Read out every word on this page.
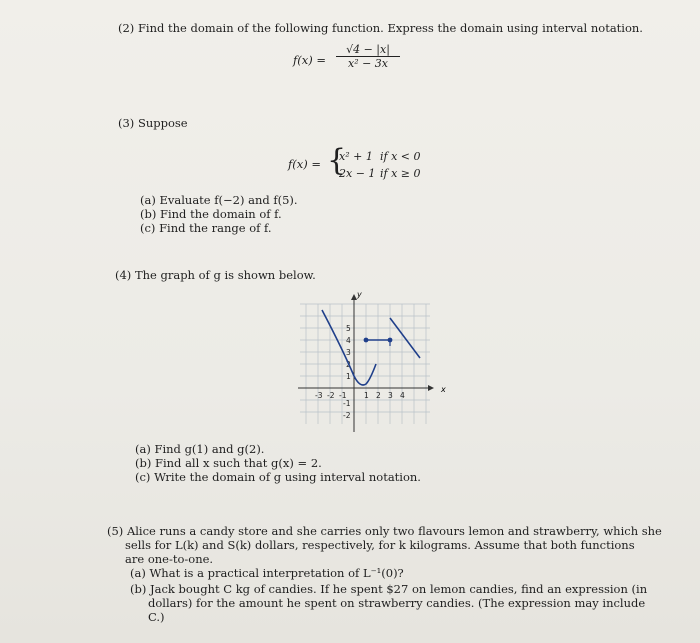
(2) Find the domain of the following function. Express the domain using interval notation.
$f(x) = \frac{√4 - |x|}{\text{x² − 3x}}$
(3) Suppose
f(x) = {
x² + 1 if x < 0
2x − 1 if x ≥ 0
(a) Evaluate f(−2) and f(5).
(b) Find the domain of f.
(c) Find the range of f.
(4) The graph of g is shown below.
x
y
-3 -2 -1 1 2 3 4
5
4
3
2
1
-1
-2
(a) Find g(1) and g(2).
(b) Find all x such that g(x) = 2.
(c) Write the domain of g using interval notation.
(5) Alice runs a candy store and she carries only two flavours lemon and strawberry, which she
sells for L(k) and S(k) dollars, respectively, for k kilograms. Assume that both functions
are one-to-one.
(a) What is a practical interpretation of L⁻¹(0)?
(b) Jack bought C kg of candies. If he spent $27 on lemon candies, find an expression (in
dollars) for the amount he spent on strawberry candies. (The expression may include
C.)
